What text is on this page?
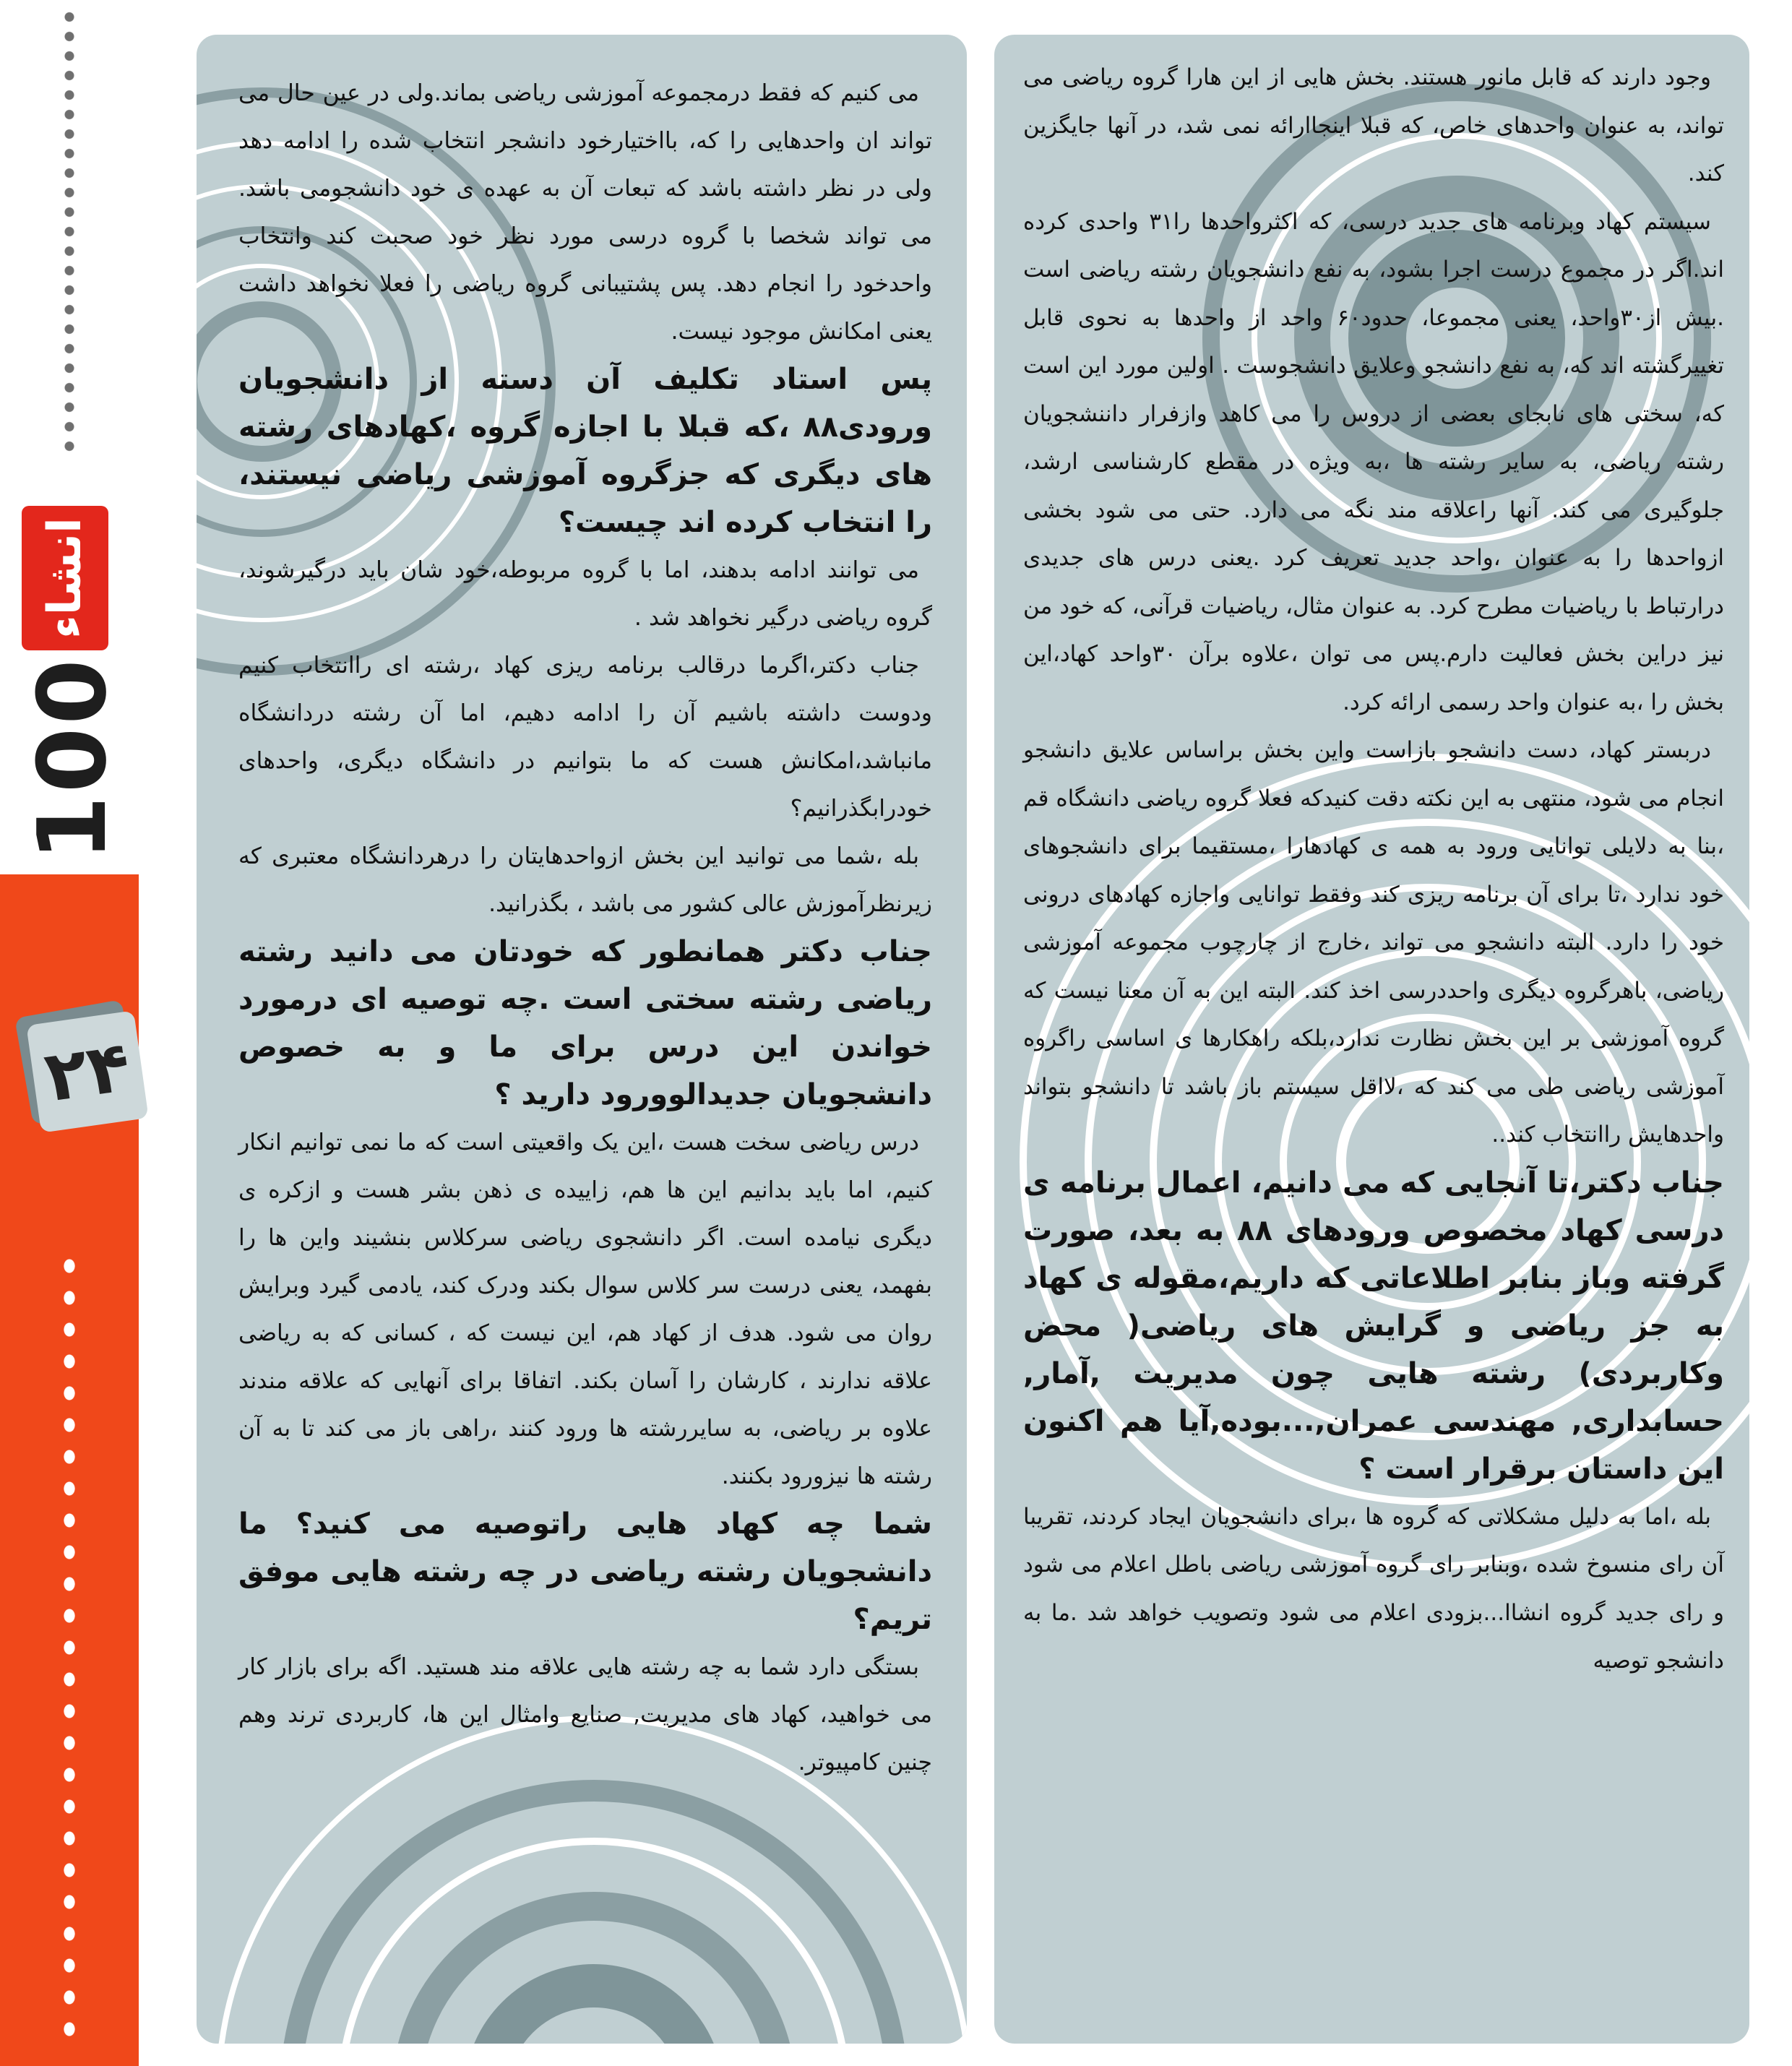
انشاء
100
۲۴

می کنیم که فقط درمجموعه آموزشی ریاضی بماند.ولی در عین حال می تواند ان واحدهایی را که، بااختیارخود دانشجر انتخاب شده را ادامه دهد ولی در نظر داشته باشد که تبعات آن به عهده ی خود دانشجومی باشد. می تواند شخصا با گروه درسی مورد نظر خود صحبت کند وانتخاب واحدخود را انجام دهد. پس پشتیبانی گروه ریاضی را فعلا نخواهد داشت یعنی امکانش موجود نیست.

پس استاد تکلیف آن دسته از دانشجویان ورودی۸۸ ،که قبلا با اجازه گروه ،کهادهای رشته های دیگری که جزگروه آموزشی ریاضی نیستند، را انتخاب کرده اند چیست؟

می توانند ادامه بدهند، اما با گروه مربوطه،خود شان باید درگیرشوند، گروه ریاضی درگیر نخواهد شد .

جناب دکتر،اگرما درقالب برنامه ریزی کهاد ،رشته ای راانتخاب کنیم ودوست داشته باشیم آن را ادامه دهیم، اما آن رشته دردانشگاه مانباشد،امکانش هست که ما بتوانیم در دانشگاه دیگری، واحدهای خودرابگذرانیم؟

بله ،شما می توانید این بخش ازواحدهایتان را درهردانشگاه معتبری که زیرنظرآموزش عالی کشور می باشد ، بگذرانید.

جناب دکتر همانطور که خودتان می دانید رشته ریاضی رشته سختی است .چه توصیه ای درمورد خواندن این درس برای ما و به خصوص دانشجویان جدیدالوورود دارید ؟

درس ریاضی سخت هست ،این یک واقعیتی است که ما نمی توانیم انکار کنیم، اما باید بدانیم این ها هم، زاییده ی ذهن بشر هست و ازکره ی دیگری نیامده است. اگر دانشجوی ریاضی سرکلاس بنشیند واین ها را بفهمد، یعنی درست سر کلاس سوال بکند ودرک کند، یادمی گیرد وبرایش روان می شود. هدف از کهاد هم، این نیست که ، کسانی که به ریاضی علاقه ندارند ، کارشان را آسان بکند. اتفاقا برای آنهایی که علاقه مندند علاوه بر ریاضی، به سایررشته ها ورود کنند ،راهی باز می کند تا به آن رشته ها نیزورود بکنند.

شما چه کهاد هایی راتوصیه می کنید؟ ما دانشجویان رشته ریاضی در چه رشته هایی موفق تریم؟

بستگی دارد شما به چه رشته هایی علاقه مند هستید. اگه برای بازار کار می خواهید، کهاد های مدیریت, صنایع وامثال این ها، کاربردی ترند وهم چنین کامپیوتر.

وجود دارند که قابل مانور هستند. بخش هایی از این هارا گروه ریاضی می تواند، به عنوان واحدهای خاص، که قبلا اینجاارائه نمی شد، در آنها جایگزین کند.

سیستم کهاد وبرنامه های جدید درسی، که اکثرواحدها را۳۱ واحدی کرده اند.اگر در مجموع درست اجرا بشود، به نفع دانشجویان رشته ریاضی است .بیش از۳۰واحد، یعنی مجموعا، حدود۶۰ واحد از واحدها به نحوی قابل تغییرگشته اند که، به نفع دانشجو وعلایق دانشجوست . اولین مورد این است که، سختی های نابجای بعضی از دروس را می کاهد وازفرار داننشجویان رشته ریاضی، به سایر رشته ها ،به ویژه در مقطع کارشناسی ارشد، جلوگیری می کند. آنها راعلاقه مند نگه می دارد. حتی می شود بخشی ازواحدها را به عنوان ،واحد جدید تعریف کرد .یعنی درس های جدیدی درارتباط با ریاضیات مطرح کرد. به عنوان مثال، ریاضیات قرآنی، که خود من نیز دراین بخش فعالیت دارم.پس می توان ،علاوه برآن ۳۰واحد کهاد،این بخش را ،به عنوان واحد رسمی ارائه کرد.

دربستر کهاد، دست دانشجو بازاست واین بخش براساس علایق دانشجو انجام می شود، منتهی به این نکته دقت کنیدکه فعلا گروه ریاضی دانشگاه قم ،بنا به دلایلی توانایی ورود به همه ی کهادهارا ،مستقیما برای دانشجوهای خود ندارد ،تا برای آن برنامه ریزی کند وفقط توانایی واجازه کهادهای درونی خود را دارد. البته دانشجو می تواند ،خارج از چارچوب مجموعه آموزشی ریاضی، باهرگروه دیگری واحددرسی اخذ کند. البته این به آن معنا نیست که گروه آموزشی بر این بخش نظارت ندارد،بلکه راهکارها ی اساسی راگروه آموزشی ریاضی طی می کند که ،لااقل سیستم باز باشد تا دانشجو بتواند واحدهایش راانتخاب کند..

جناب دکتر،تا آنجایی که می دانیم، اعمال برنامه ی درسی کهاد مخصوص ورودهای ۸۸ به بعد، صورت گرفته وباز بنابر اطلاعاتی که داریم،مقوله ی کهاد به جز ریاضی و گرایش های ریاضی( محض وکاربردی) رشته هایی چون مدیریت ,آمار, حسابداری, مهندسی عمران,...بوده,آیا هم اکنون این داستان برقرار است ؟

بله ،اما به دلیل مشکلاتی که گروه ها ،برای دانشجویان ایجاد کردند، تقریبا آن رای منسوخ شده ،وبنابر رای گروه آموزشی ریاضی باطل اعلام می شود و رای جدید گروه انشاا...بزودی اعلام می شود وتصویب خواهد شد .ما به دانشجو توصیه
